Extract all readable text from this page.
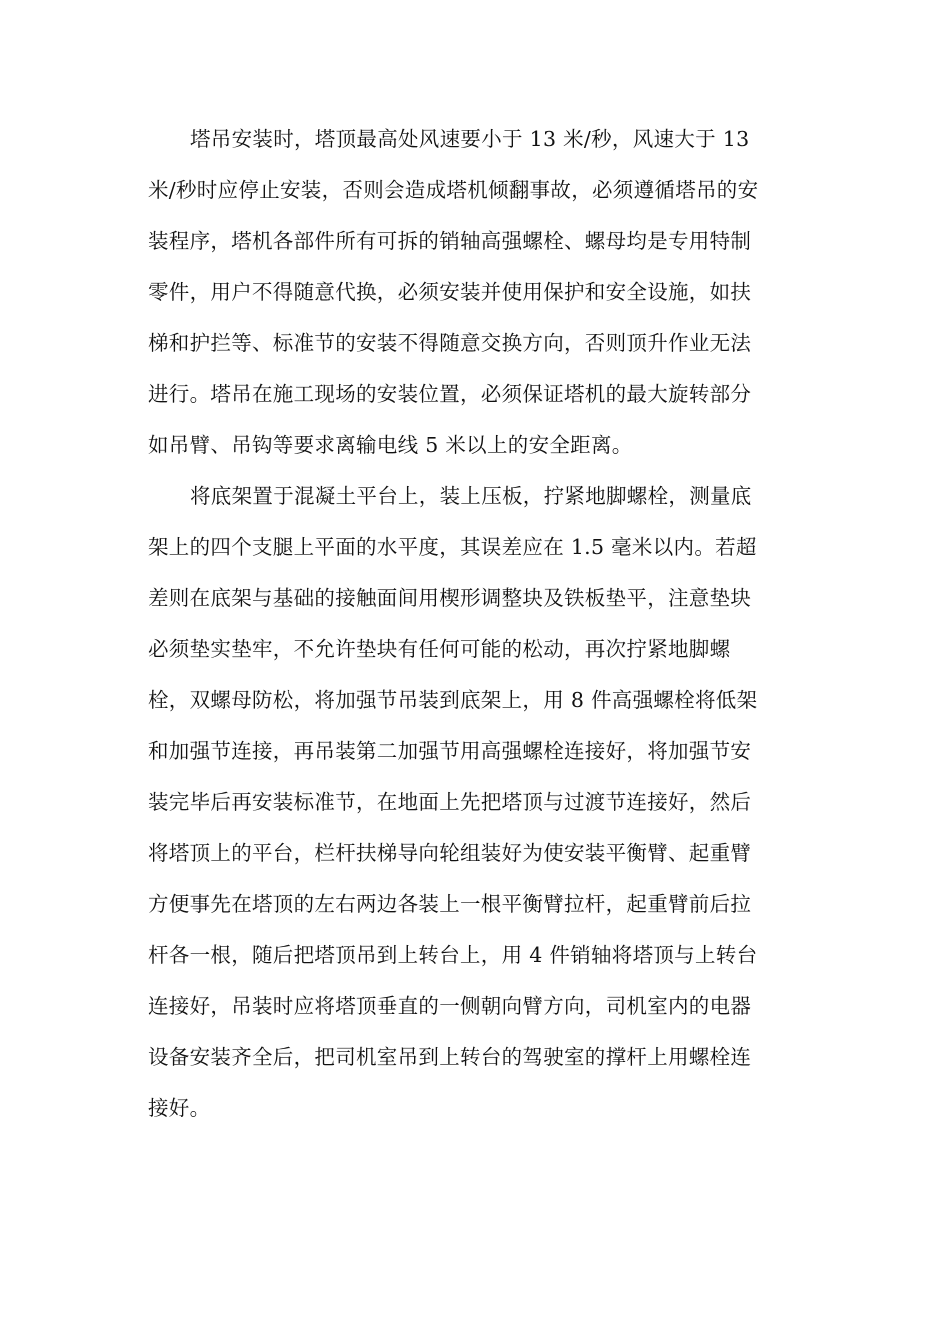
塔吊安装时，塔顶最高处风速要小于 13 米/秒，风速大于 13

米/秒时应停止安装，否则会造成塔机倾翻事故，必须遵循塔吊的安

装程序，塔机各部件所有可拆的销轴高强螺栓、螺母均是专用特制

零件，用户不得随意代换，必须安装并使用保护和安全设施，如扶

梯和护拦等、标准节的安装不得随意交换方向，否则顶升作业无法

进行。塔吊在施工现场的安装位置，必须保证塔机的最大旋转部分

如吊臂、吊钩等要求离输电线 5 米以上的安全距离。

将底架置于混凝土平台上，装上压板，拧紧地脚螺栓，测量底

架上的四个支腿上平面的水平度，其误差应在 1.5 毫米以内。若超

差则在底架与基础的接触面间用楔形调整块及铁板垫平，注意垫块

必须垫实垫牢，不允许垫块有任何可能的松动，再次拧紧地脚螺

栓，双螺母防松，将加强节吊装到底架上，用 8 件高强螺栓将低架

和加强节连接，再吊装第二加强节用高强螺栓连接好，将加强节安

装完毕后再安装标准节，在地面上先把塔顶与过渡节连接好，然后

将塔顶上的平台，栏杆扶梯导向轮组装好为使安装平衡臂、起重臂

方便事先在塔顶的左右两边各装上一根平衡臂拉杆，起重臂前后拉

杆各一根，随后把塔顶吊到上转台上，用 4 件销轴将塔顶与上转台

连接好，吊装时应将塔顶垂直的一侧朝向臂方向，司机室内的电器

设备安装齐全后，把司机室吊到上转台的驾驶室的撑杆上用螺栓连

接好。
